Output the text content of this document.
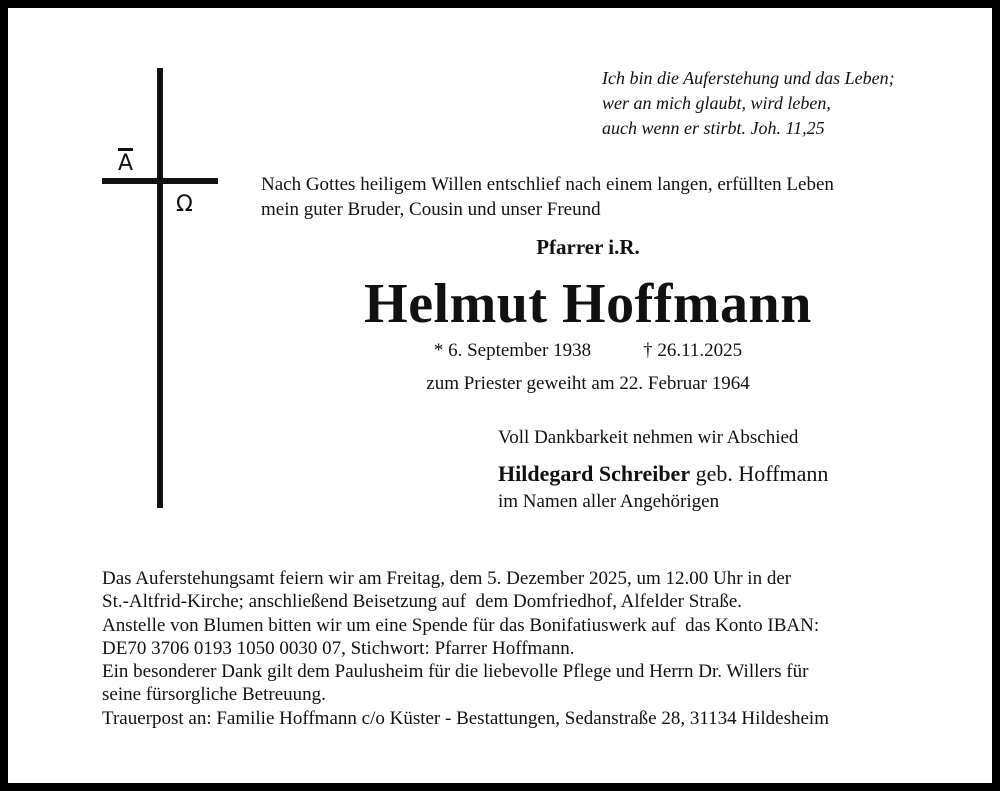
A
Ω
Ich bin die Auferstehung und das Leben;
wer an mich glaubt, wird leben,
auch wenn er stirbt. Joh. 11,25
Nach Gottes heiligem Willen entschlief nach einem langen, erfüllten Leben
mein guter Bruder, Cousin und unser Freund
Pfarrer i.R.
Helmut Hoffmann
* 6. September 1938	† 26.11.2025
zum Priester geweiht am 22. Februar 1964
Voll Dankbarkeit nehmen wir Abschied
Hildegard Schreiber geb. Hoffmann
im Namen aller Angehörigen
Das Auferstehungsamt feiern wir am Freitag, dem 5. Dezember 2025, um 12.00 Uhr in der
St.-Altfrid-Kirche; anschließend Beisetzung auf  dem Domfriedhof, Alfelder Straße.
Anstelle von Blumen bitten wir um eine Spende für das Bonifatiuswerk auf  das Konto IBAN:
DE70 3706 0193 1050 0030 07, Stichwort: Pfarrer Hoffmann.
Ein besonderer Dank gilt dem Paulusheim für die liebevolle Pflege und Herrn Dr. Willers für
seine fürsorgliche Betreuung.
Trauerpost an: Familie Hoffmann c/o Küster - Bestattungen, Sedanstraße 28, 31134 Hildesheim
